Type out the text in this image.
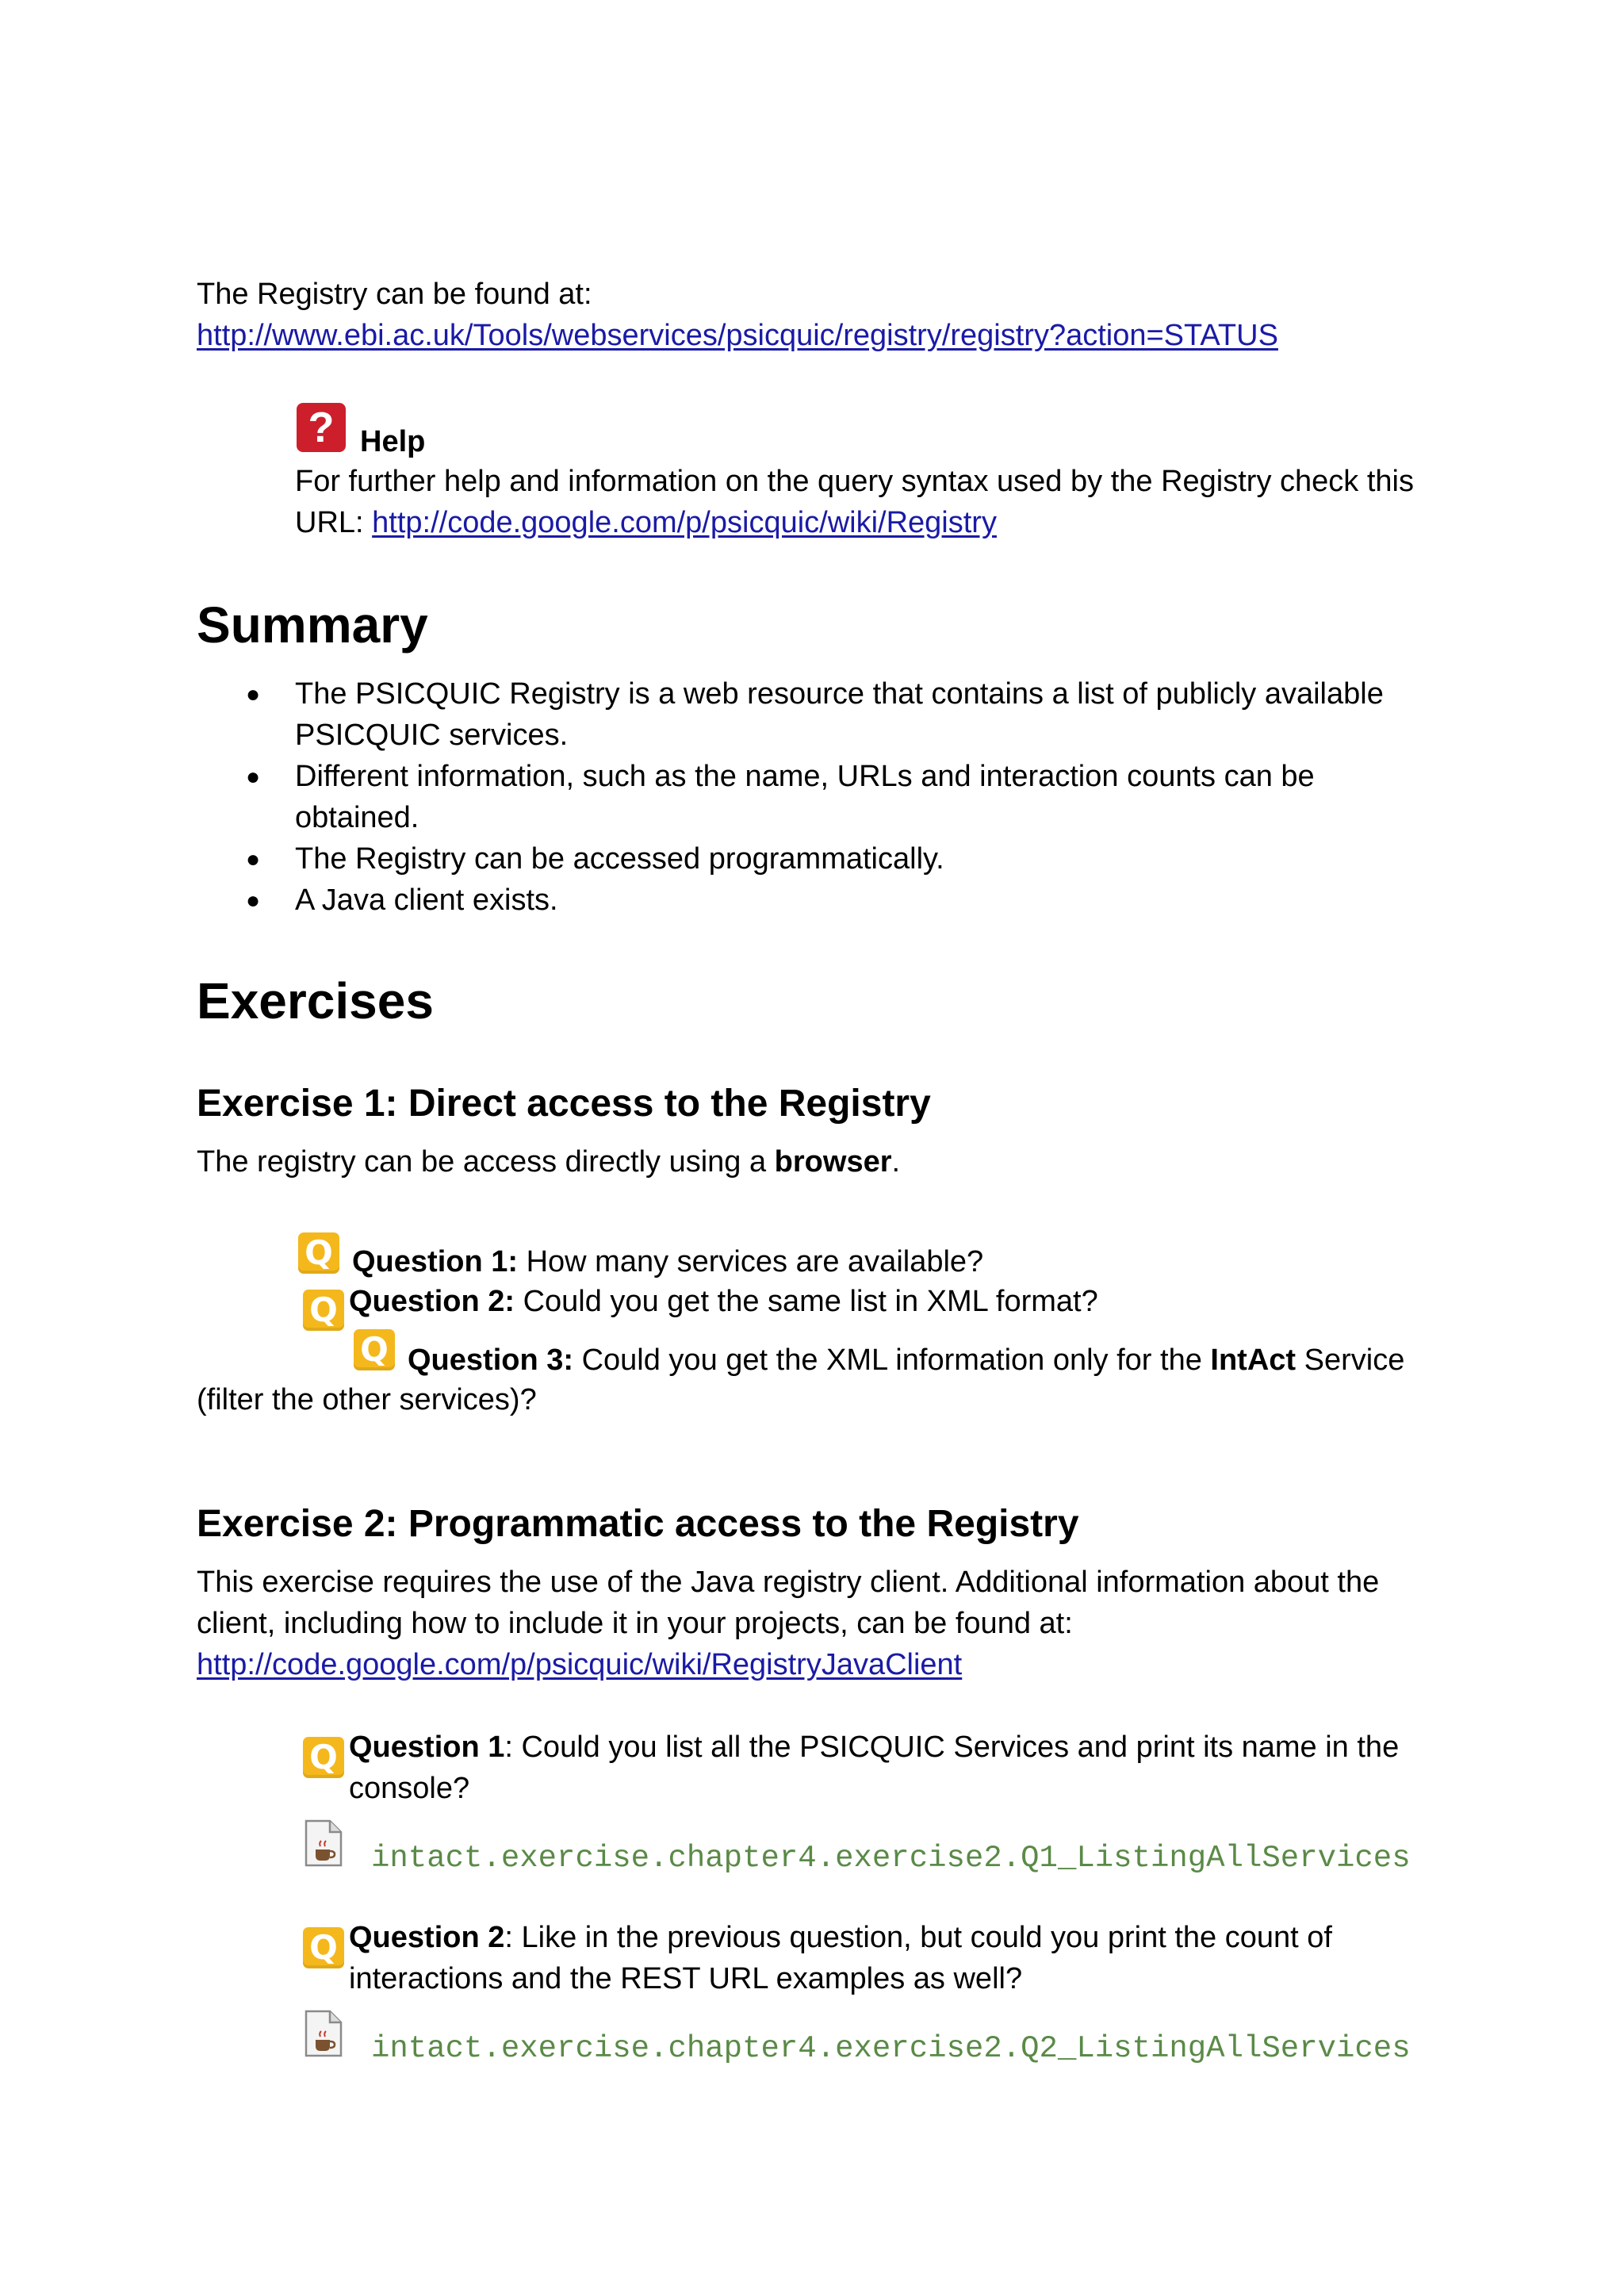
The Registry can be found at:
http://www.ebi.ac.uk/Tools/webservices/psicquic/registry/registry?action=STATUS
? Help
For further help and information on the query syntax used by the Registry check this
URL: http://code.google.com/p/psicquic/wiki/Registry
Summary
● The PSICQUIC Registry is a web resource that contains a list of publicly available
PSICQUIC services.
● Different information, such as the name, URLs and interaction counts can be
obtained.
● The Registry can be accessed programmatically.
● A Java client exists.
Exercises
Exercise 1: Direct access to the Registry
The registry can be access directly using a browser.
Q Question 1: How many services are available?
Q Question 2: Could you get the same list in XML format?
Q Question 3: Could you get the XML information only for the IntAct Service
(filter the other services)?
Exercise 2: Programmatic access to the Registry
This exercise requires the use of the Java registry client. Additional information about the
client, including how to include it in your projects, can be found at:
http://code.google.com/p/psicquic/wiki/RegistryJavaClient
Q Question 1: Could you list all the PSICQUIC Services and print its name in the
console?
intact.exercise.chapter4.exercise2.Q1_ListingAllServices
Q Question 2: Like in the previous question, but could you print the count of
interactions and the REST URL examples as well?
intact.exercise.chapter4.exercise2.Q2_ListingAllServices
